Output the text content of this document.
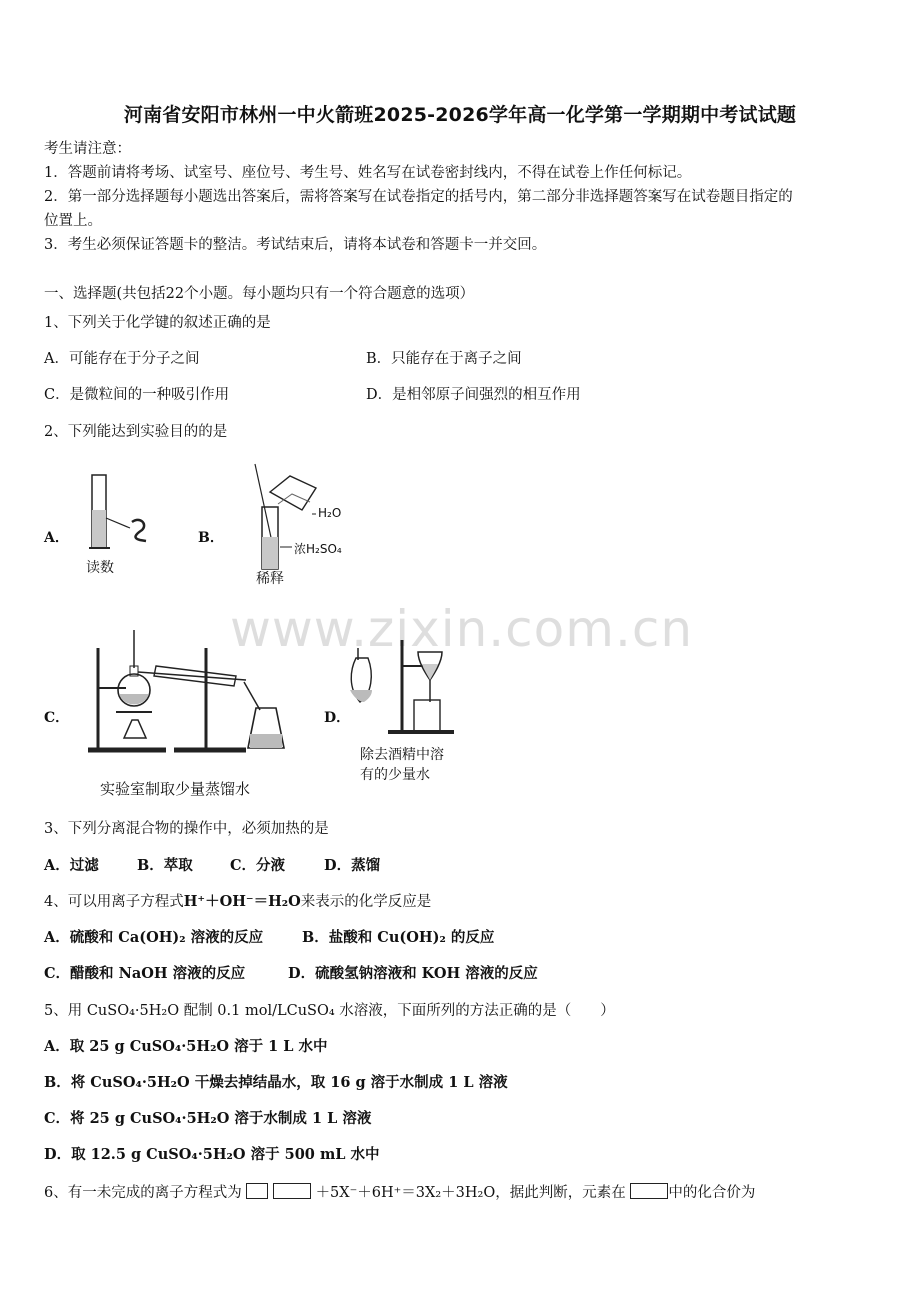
河南省安阳市林州一中火箭班2025-2026学年高一化学第一学期期中考试试题
考生请注意：
1．答题前请将考场、试室号、座位号、考生号、姓名写在试卷密封线内，不得在试卷上作任何标记。
2．第一部分选择题每小题选出答案后，需将答案写在试卷指定的括号内，第二部分非选择题答案写在试卷题目指定的
位置上。
3．考生必须保证答题卡的整洁。考试结束后，请将本试卷和答题卡一并交回。
一、选择题(共包括22个小题。每小题均只有一个符合题意的选项）
1、下列关于化学键的叙述正确的是
A．可能存在于分子之间	B．只能存在于离子之间
C．是微粒间的一种吸引作用	D．是相邻原子间强烈的相互作用
2、下列能达到实验目的的是
A．
读数
B．
H₂O
浓H₂SO₄
稀释
www.zixin.com.cn
C．
实验室制取少量蒸馏水
D．
除去酒精中溶
有的少量水
3、下列分离混合物的操作中，必须加热的是
A．过滤	B．萃取	C．分液	D．蒸馏
4、可以用离子方程式H⁺＋OH⁻＝H₂O来表示的化学反应是
A．硫酸和 Ca(OH)₂ 溶液的反应	B．盐酸和 Cu(OH)₂ 的反应
C．醋酸和 NaOH 溶液的反应	D．硫酸氢钠溶液和 KOH 溶液的反应
5、用 CuSO₄·5H₂O 配制 0.1 mol/LCuSO₄ 水溶液，下面所列的方法正确的是（　　）
A．取 25 g CuSO₄·5H₂O 溶于 1 L 水中
B．将 CuSO₄·5H₂O 干燥去掉结晶水，取 16 g 溶于水制成 1 L 溶液
C．将 25 g CuSO₄·5H₂O 溶于水制成 1 L 溶液
D．取 12.5 g CuSO₄·5H₂O 溶于 500 mL 水中
6、有一未完成的离子方程式为	＋5X⁻＋6H⁺＝3X₂＋3H₂O，据此判断，元素在	中的化合价为
